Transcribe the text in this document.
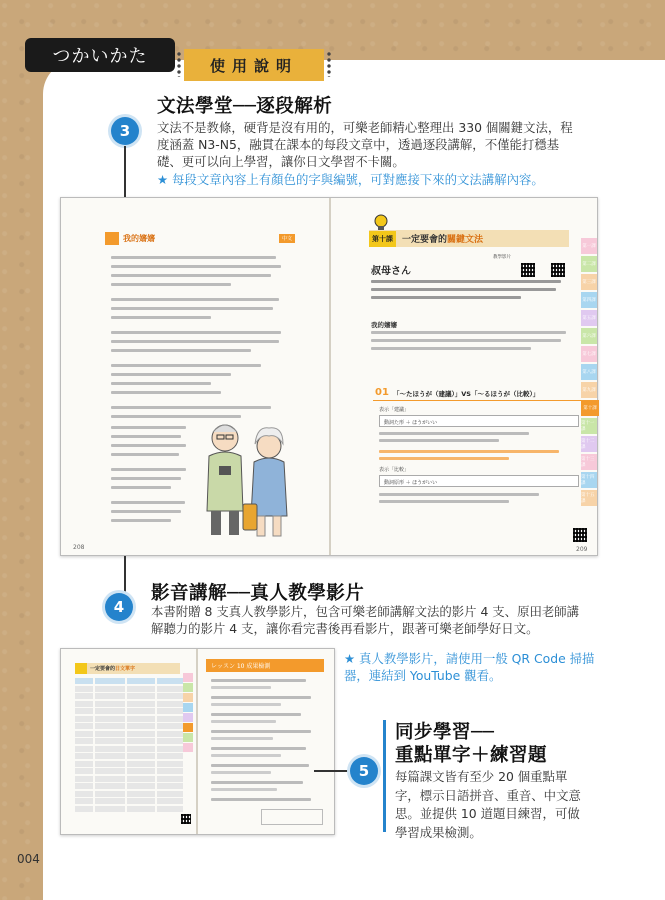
つかいかた	使用說明
3
文法學堂──逐段解析
文法不是教條，硬背是沒有用的，可樂老師精心整理出 330 個關鍵文法，程度涵蓋 N3-N5，融貫在課本的每段文章中，透過逐段講解，不僅能打穩基礎、更可以向上學習，讓你日文學習不卡關。
★ 每段文章內容上有顏色的字與編號，可對應接下來的文法講解內容。
我的嬸嬸	中文
208
第十課	一定要會的 關鍵文法
叔母さん
教學影片
我的嬸嬸
01 「〜たほうが（建議）」VS「〜るほうが（比較）」
表示「建議」
動詞た形 ＋ ほうがいい
表示「比較」
動詞原形 ＋ ほうがいい
209
第一課
第二課
第三課
第四課
第五課
第六課
第七課
第八課
第九課
第十課
第十一課
第十二課
第十三課
第十四課
第十五課
4
影音講解──真人教學影片
本書附贈 8 支真人教學影片，包含可樂老師講解文法的影片 4 支、原田老師講解聽力的影片 4 支，讓你看完書後再看影片，跟著可樂老師學好日文。
★ 真人教學影片，請使用一般 QR Code 掃描器，連結到 YouTube 觀看。
一定要會的 日文單字	レッスン 10 成果檢測
5
同步學習──
重點單字＋練習題
每篇課文皆有至少 20 個重點單字，標示日語拼音、重音、中文意思。並提供 10 道題目練習，可做學習成果檢測。
004
